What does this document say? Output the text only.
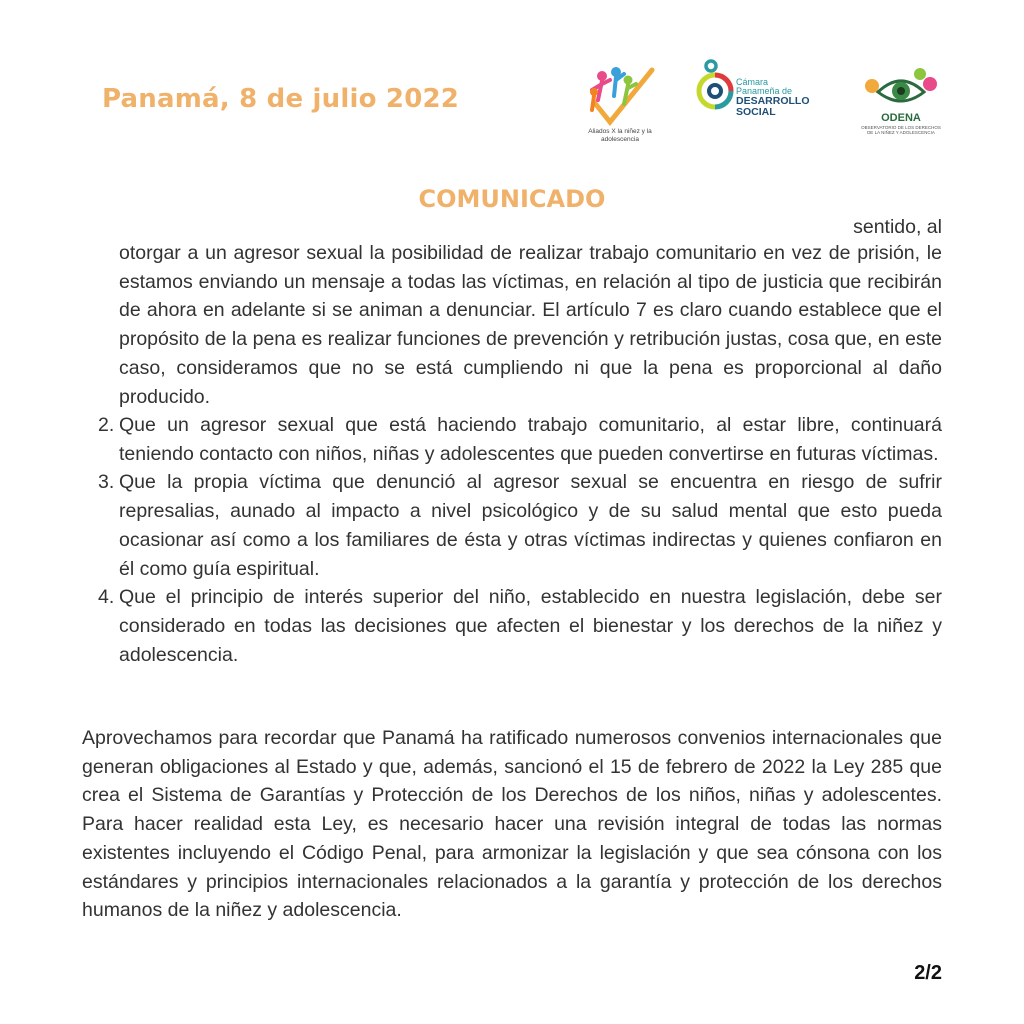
Panamá, 8 de julio 2022
Aliados X la niñez y la adolescencia
Cámara
Panameña de
DESARROLLO
SOCIAL	ODENA
OBSERVATORIO DE LOS DERECHOS DE LA NIÑEZ Y ADOLESCENCIA
COMUNICADO
sentido, al
otorgar a un agresor sexual la posibilidad de realizar trabajo comunitario en vez de prisión, le estamos enviando un mensaje a todas las víctimas, en relación al tipo de justicia que recibirán de ahora en adelante si se animan a denunciar. El artículo 7 es claro cuando establece que el propósito de la pena es realizar funciones de prevención y retribución justas, cosa que, en este caso, consideramos que no se está cumpliendo ni que la pena es proporcional al daño producido.
2. Que un agresor sexual que está haciendo trabajo comunitario, al estar libre, continuará teniendo contacto con niños, niñas y adolescentes que pueden convertirse en futuras víctimas.
3. Que la propia víctima que denunció al agresor sexual se encuentra en riesgo de sufrir represalias, aunado al impacto a nivel psicológico y de su salud mental que esto pueda ocasionar así como a los familiares de ésta y otras víctimas indirectas y quienes confiaron en él como guía espiritual.
4. Que el principio de interés superior del niño, establecido en nuestra legislación, debe ser considerado en todas las decisiones que afecten el bienestar y los derechos de la niñez y adolescencia.
Aprovechamos para recordar que Panamá ha ratificado numerosos convenios internacionales que generan obligaciones al Estado y que, además, sancionó el 15 de febrero de 2022 la Ley 285 que crea el Sistema de Garantías y Protección de los Derechos de los niños, niñas y adolescentes. Para hacer realidad esta Ley, es necesario hacer una revisión integral de todas las normas existentes incluyendo el Código Penal, para armonizar la legislación y que sea cónsona con los estándares y principios internacionales relacionados a la garantía y protección de los derechos humanos de la niñez y adolescencia.
2/2
